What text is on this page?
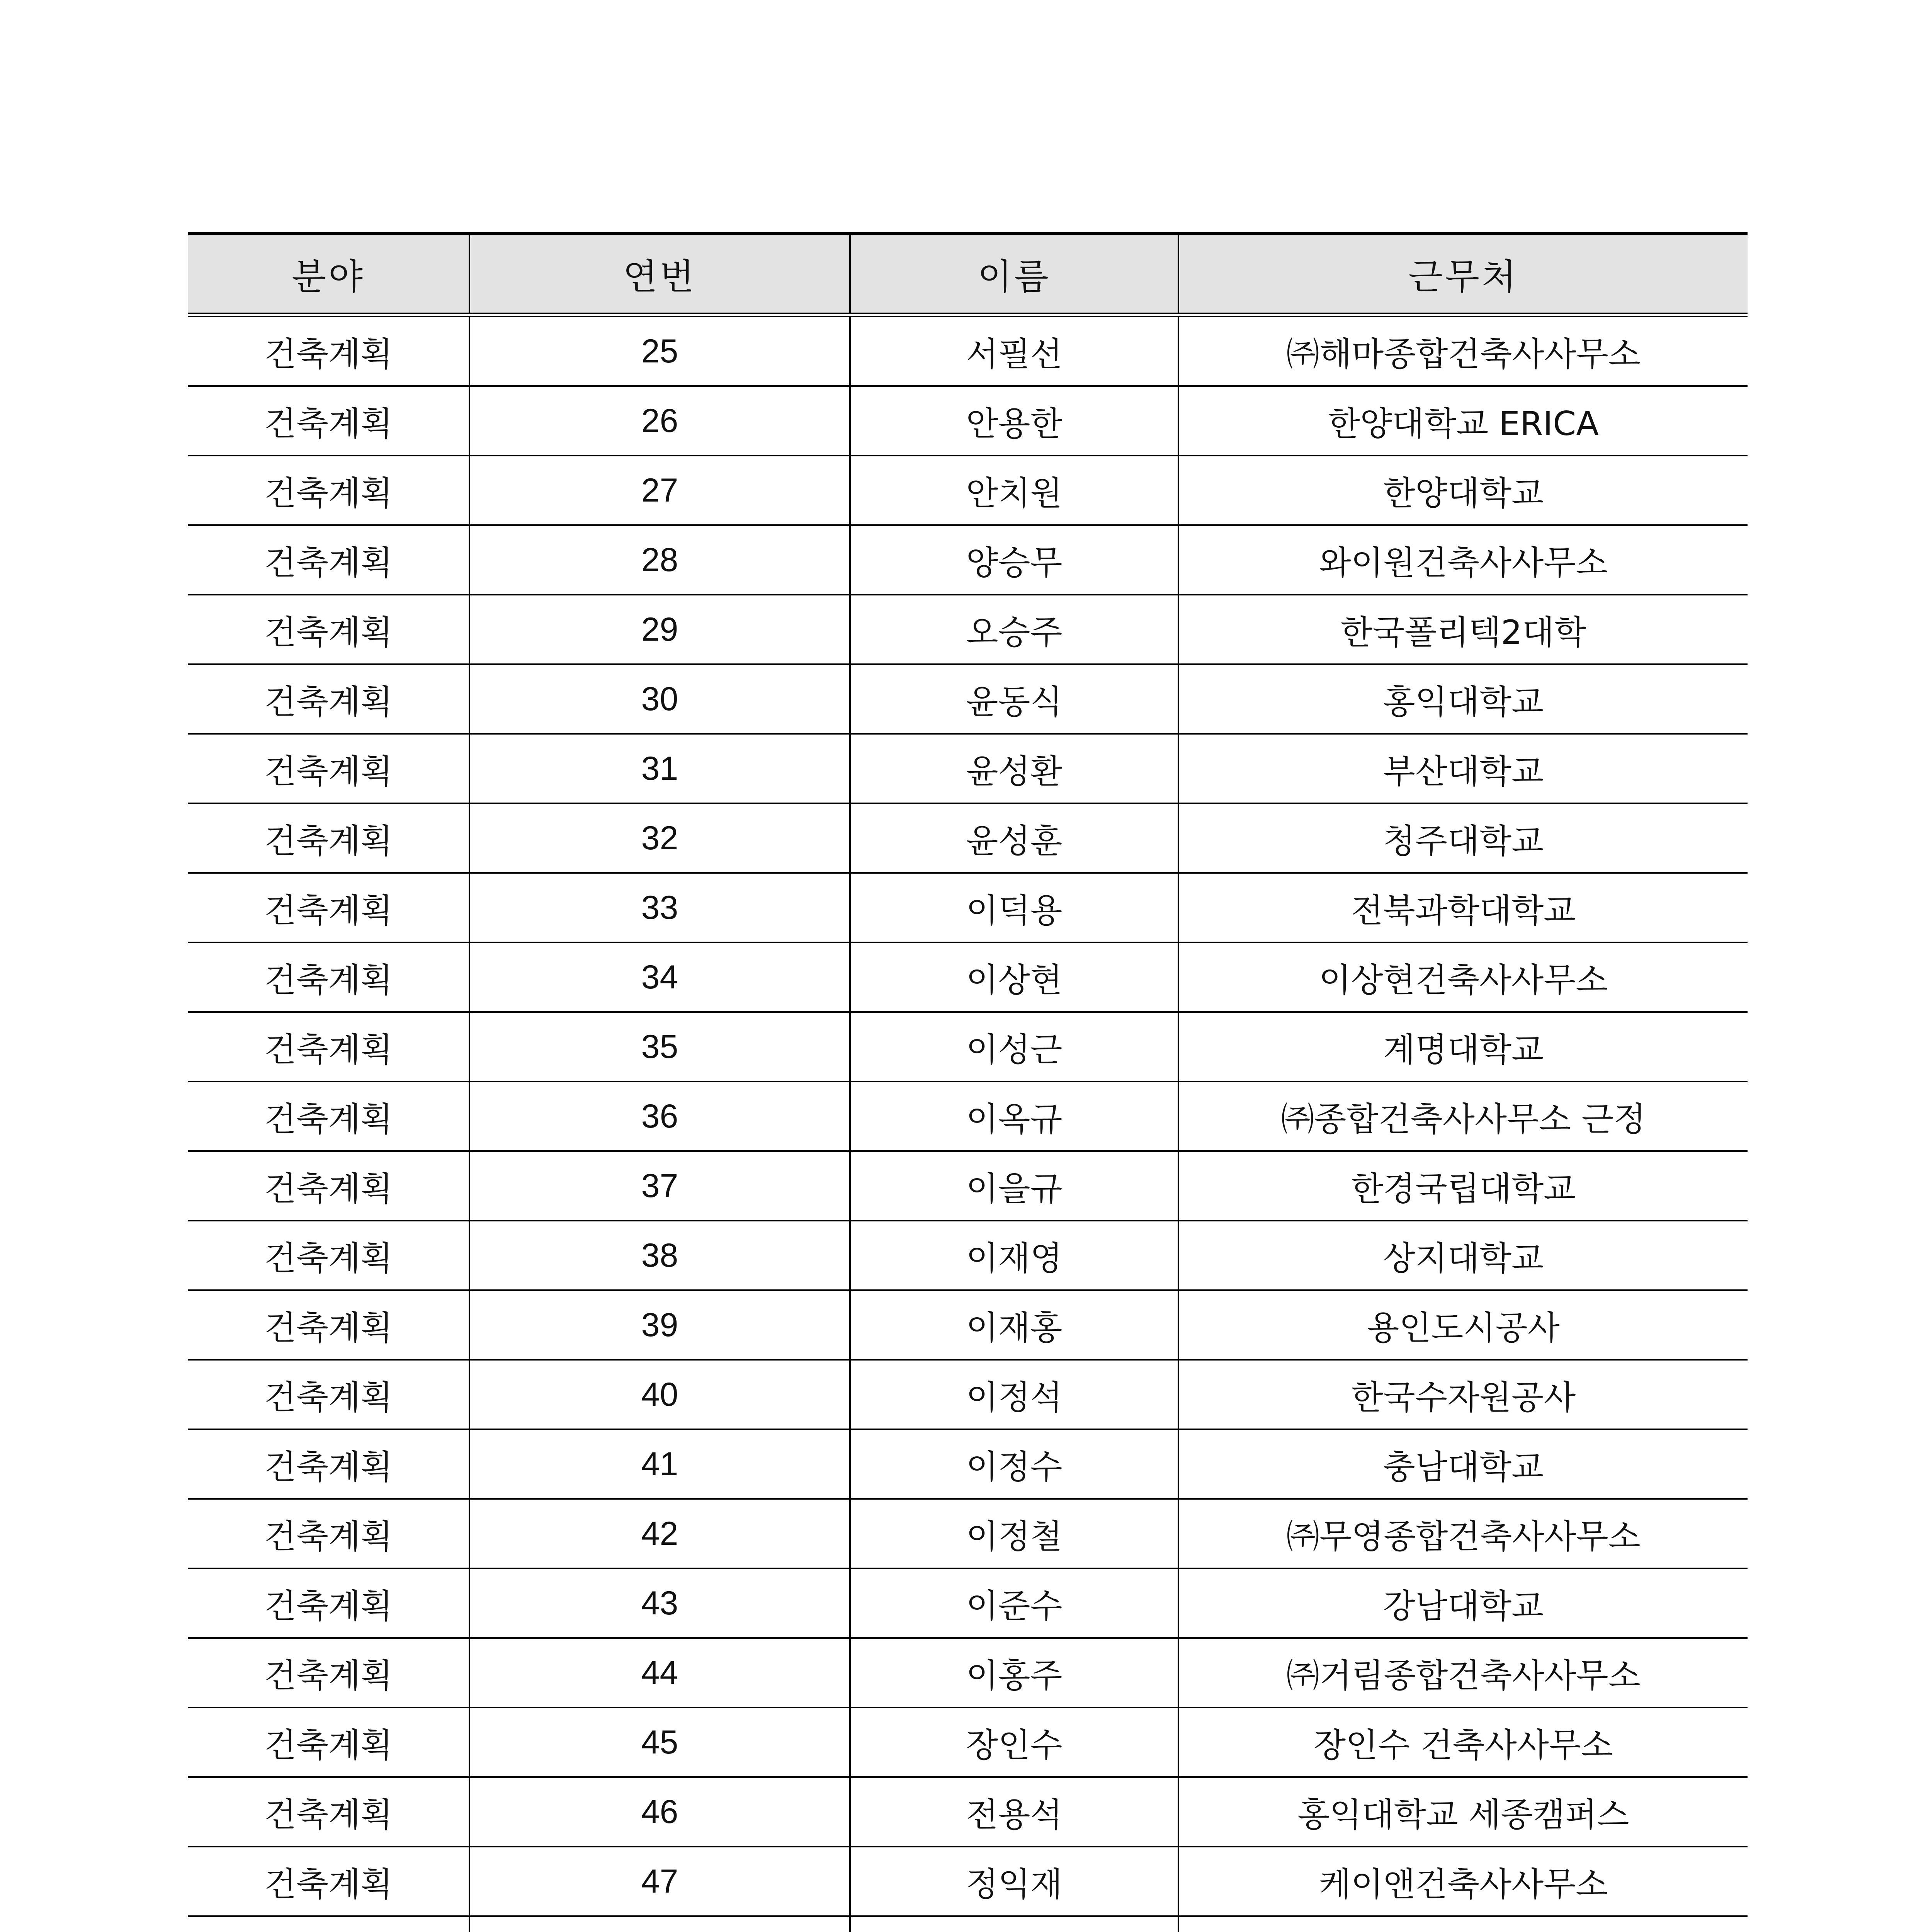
분야	연번	이름	근무처
건축계획	25	서필선	㈜해마종합건축사사무소
건축계획	26	안용한	한양대학교 ERICA
건축계획	27	안치원	한양대학교
건축계획	28	양승무	와이원건축사사무소
건축계획	29	오승주	한국폴리텍2대학
건축계획	30	윤동식	홍익대학교
건축계획	31	윤성환	부산대학교
건축계획	32	윤성훈	청주대학교
건축계획	33	이덕용	전북과학대학교
건축계획	34	이상현	이상현건축사사무소
건축계획	35	이성근	계명대학교
건축계획	36	이옥규	㈜종합건축사사무소 근정
건축계획	37	이을규	한경국립대학교
건축계획	38	이재영	상지대학교
건축계획	39	이재홍	용인도시공사
건축계획	40	이정석	한국수자원공사
건축계획	41	이정수	충남대학교
건축계획	42	이정철	㈜무영종합건축사사무소
건축계획	43	이준수	강남대학교
건축계획	44	이홍주	㈜거림종합건축사사무소
건축계획	45	장인수	장인수 건축사사무소
건축계획	46	전용석	홍익대학교 세종캠퍼스
건축계획	47	정익재	케이앤건축사사무소
